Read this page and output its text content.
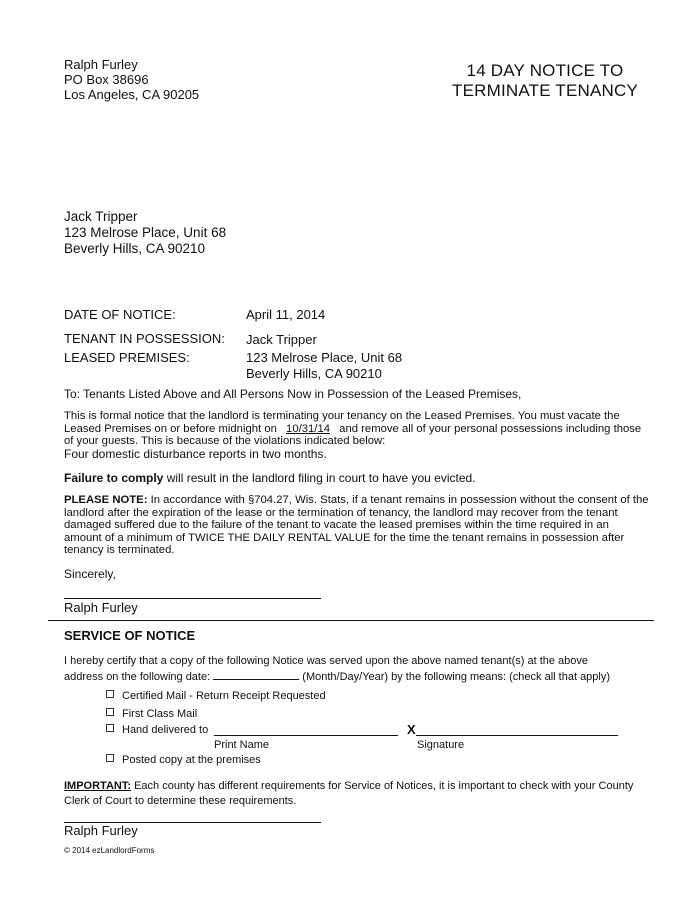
Ralph Furley
PO Box 38696
Los Angeles, CA 90205
14 DAY NOTICE TO
TERMINATE TENANCY
Jack Tripper
123 Melrose Place, Unit 68
Beverly Hills, CA 90210
DATE OF NOTICE:	April 11, 2014
TENANT IN POSSESSION: Jack Tripper
LEASED PREMISES:	123 Melrose Place, Unit 68
Beverly Hills, CA 90210
To: Tenants Listed Above and All Persons Now in Possession of the Leased Premises,
This is formal notice that the landlord is terminating your tenancy on the Leased Premises. You must vacate the Leased Premises on or before midnight on 10/31/14 and remove all of your personal possessions including those of your guests. This is because of the violations indicated below:
Four domestic disturbance reports in two months.
Failure to comply will result in the landlord filing in court to have you evicted.
PLEASE NOTE: In accordance with §704.27, Wis. Stats, if a tenant remains in possession without the consent of the landlord after the expiration of the lease or the termination of tenancy, the landlord may recover from the tenant damaged suffered due to the failure of the tenant to vacate the leased premises within the time required in an amount of a minimum of TWICE THE DAILY RENTAL VALUE for the time the tenant remains in possession after tenancy is terminated.
Sincerely,
Ralph Furley
SERVICE OF NOTICE
I hereby certify that a copy of the following Notice was served upon the above named tenant(s) at the above
address on the following date:	(Month/Day/Year) by the following means: (check all that apply)
Certified Mail - Return Receipt Requested
First Class Mail
Hand delivered to	X
Print Name	Signature
Posted copy at the premises
IMPORTANT: Each county has different requirements for Service of Notices, it is important to check with your County Clerk of Court to determine these requirements.
Ralph Furley
© 2014 ezLandlordForms
